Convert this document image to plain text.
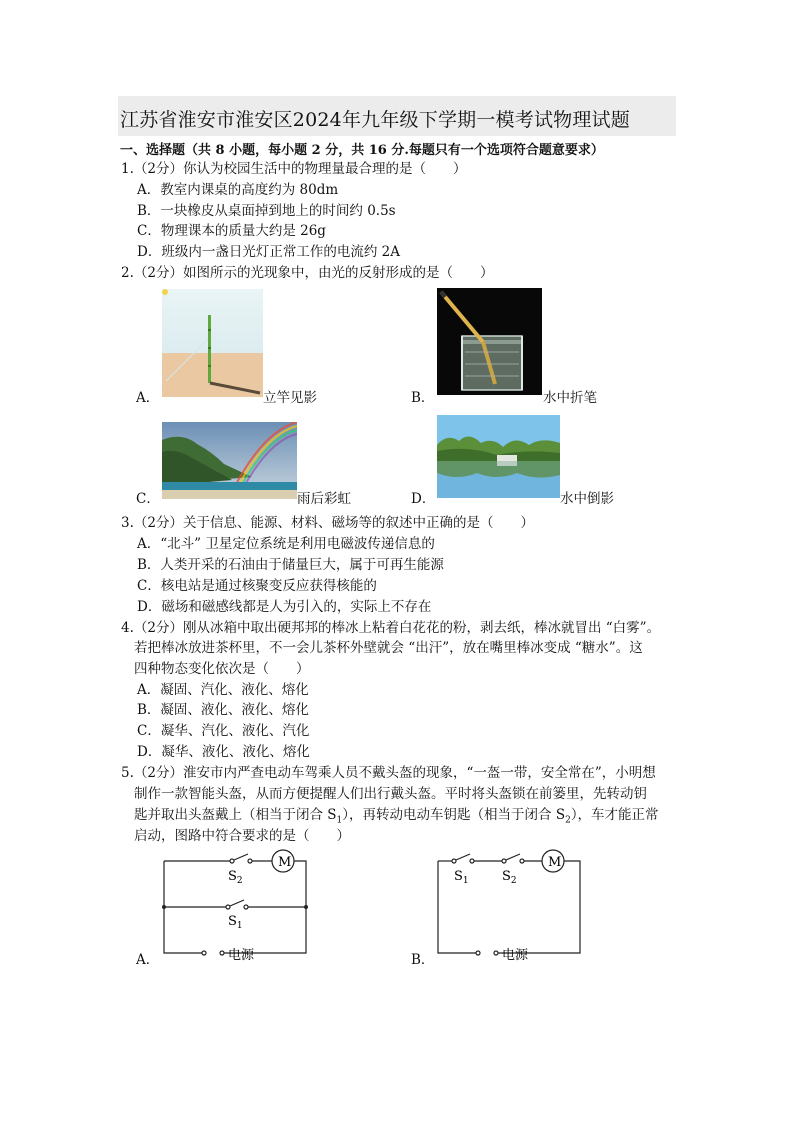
江苏省淮安市淮安区2024年九年级下学期一模考试物理试题
一、选择题（共 8 小题，每小题 2 分，共 16 分.每题只有一个选项符合题意要求）
1.（2分）你认为校园生活中的物理量最合理的是（　　）
A．教室内课桌的高度约为 80dm
B．一块橡皮从桌面掉到地上的时间约 0.5s
C．物理课本的质量大约是 26g
D．班级内一盏日光灯正常工作的电流约 2A
2.（2分）如图所示的光现象中，由光的反射形成的是（　　）
A．	立竿见影	B．	水中折笔
C．	雨后彩虹	D．	水中倒影
3.（2分）关于信息、能源、材料、磁场等的叙述中正确的是（　　）
A．“北斗” 卫星定位系统是利用电磁波传递信息的
B．人类开采的石油由于储量巨大，属于可再生能源
C．核电站是通过核聚变反应获得核能的
D．磁场和磁感线都是人为引入的，实际上不存在
4.（2分）刚从冰箱中取出硬邦邦的棒冰上粘着白花花的粉，剥去纸，棒冰就冒出 “白雾”。
若把棒冰放进茶杯里，不一会儿茶杯外壁就会 “出汗”，放在嘴里棒冰变成 “糖水”。这
四种物态变化依次是（　　）
A．凝固、汽化、液化、熔化
B．凝固、液化、液化、熔化
C．凝华、汽化、液化、汽化
D．凝华、液化、液化、熔化
5.（2分）淮安市内严查电动车驾乘人员不戴头盔的现象，“一盔一带，安全常在”，小明想
制作一款智能头盔，从而方便提醒人们出行戴头盔。平时将头盔锁在前篓里，先转动钥
匙并取出头盔戴上（相当于闭合 $S_1$），再转动电动车钥匙（相当于闭合 $S_2$），车才能正常
启动，图路中符合要求的是（　　）
M
$S_2$
$S_1$
电源
A．
M
$S_1$	$S_2$
电源
B．
